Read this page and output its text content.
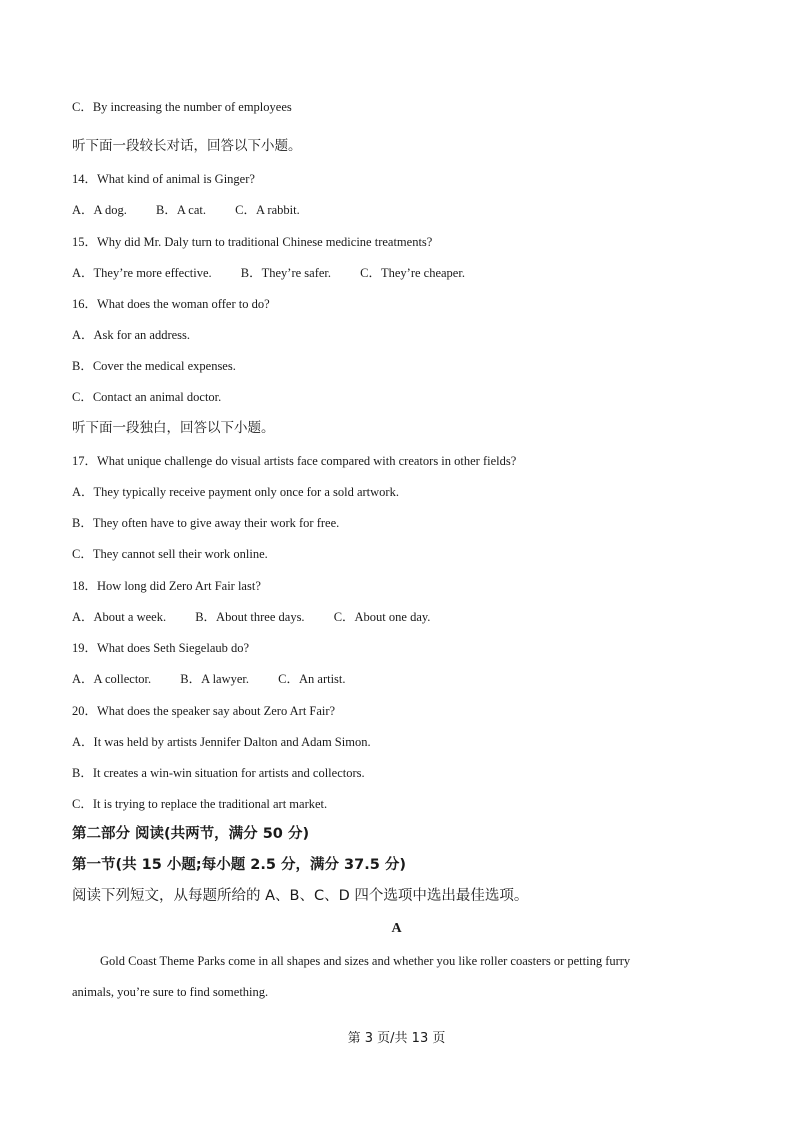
C．By increasing the number of employees
听下面一段较长对话，回答以下小题。
14．What kind of animal is Ginger?
A．A dog. B．A cat. C．A rabbit.
15．Why did Mr. Daly turn to traditional Chinese medicine treatments?
A．They’re more effective. B．They’re safer. C．They’re cheaper.
16．What does the woman offer to do?
A．Ask for an address.
B．Cover the medical expenses.
C．Contact an animal doctor.
听下面一段独白，回答以下小题。
17．What unique challenge do visual artists face compared with creators in other fields?
A．They typically receive payment only once for a sold artwork.
B．They often have to give away their work for free.
C．They cannot sell their work online.
18．How long did Zero Art Fair last?
A．About a week. B．About three days. C．About one day.
19．What does Seth Siegelaub do?
A．A collector. B．A lawyer. C．An artist.
20．What does the speaker say about Zero Art Fair?
A．It was held by artists Jennifer Dalton and Adam Simon.
B．It creates a win-win situation for artists and collectors.
C．It is trying to replace the traditional art market.
第二部分 阅读(共两节，满分 50 分)
第一节(共 15 小题;每小题 2.5 分，满分 37.5 分)
阅读下列短文，从每题所给的 A、B、C、D 四个选项中选出最佳选项。
A
Gold Coast Theme Parks come in all shapes and sizes and whether you like roller coasters or petting furry
animals, you’re sure to find something.
第 3 页/共 13 页
